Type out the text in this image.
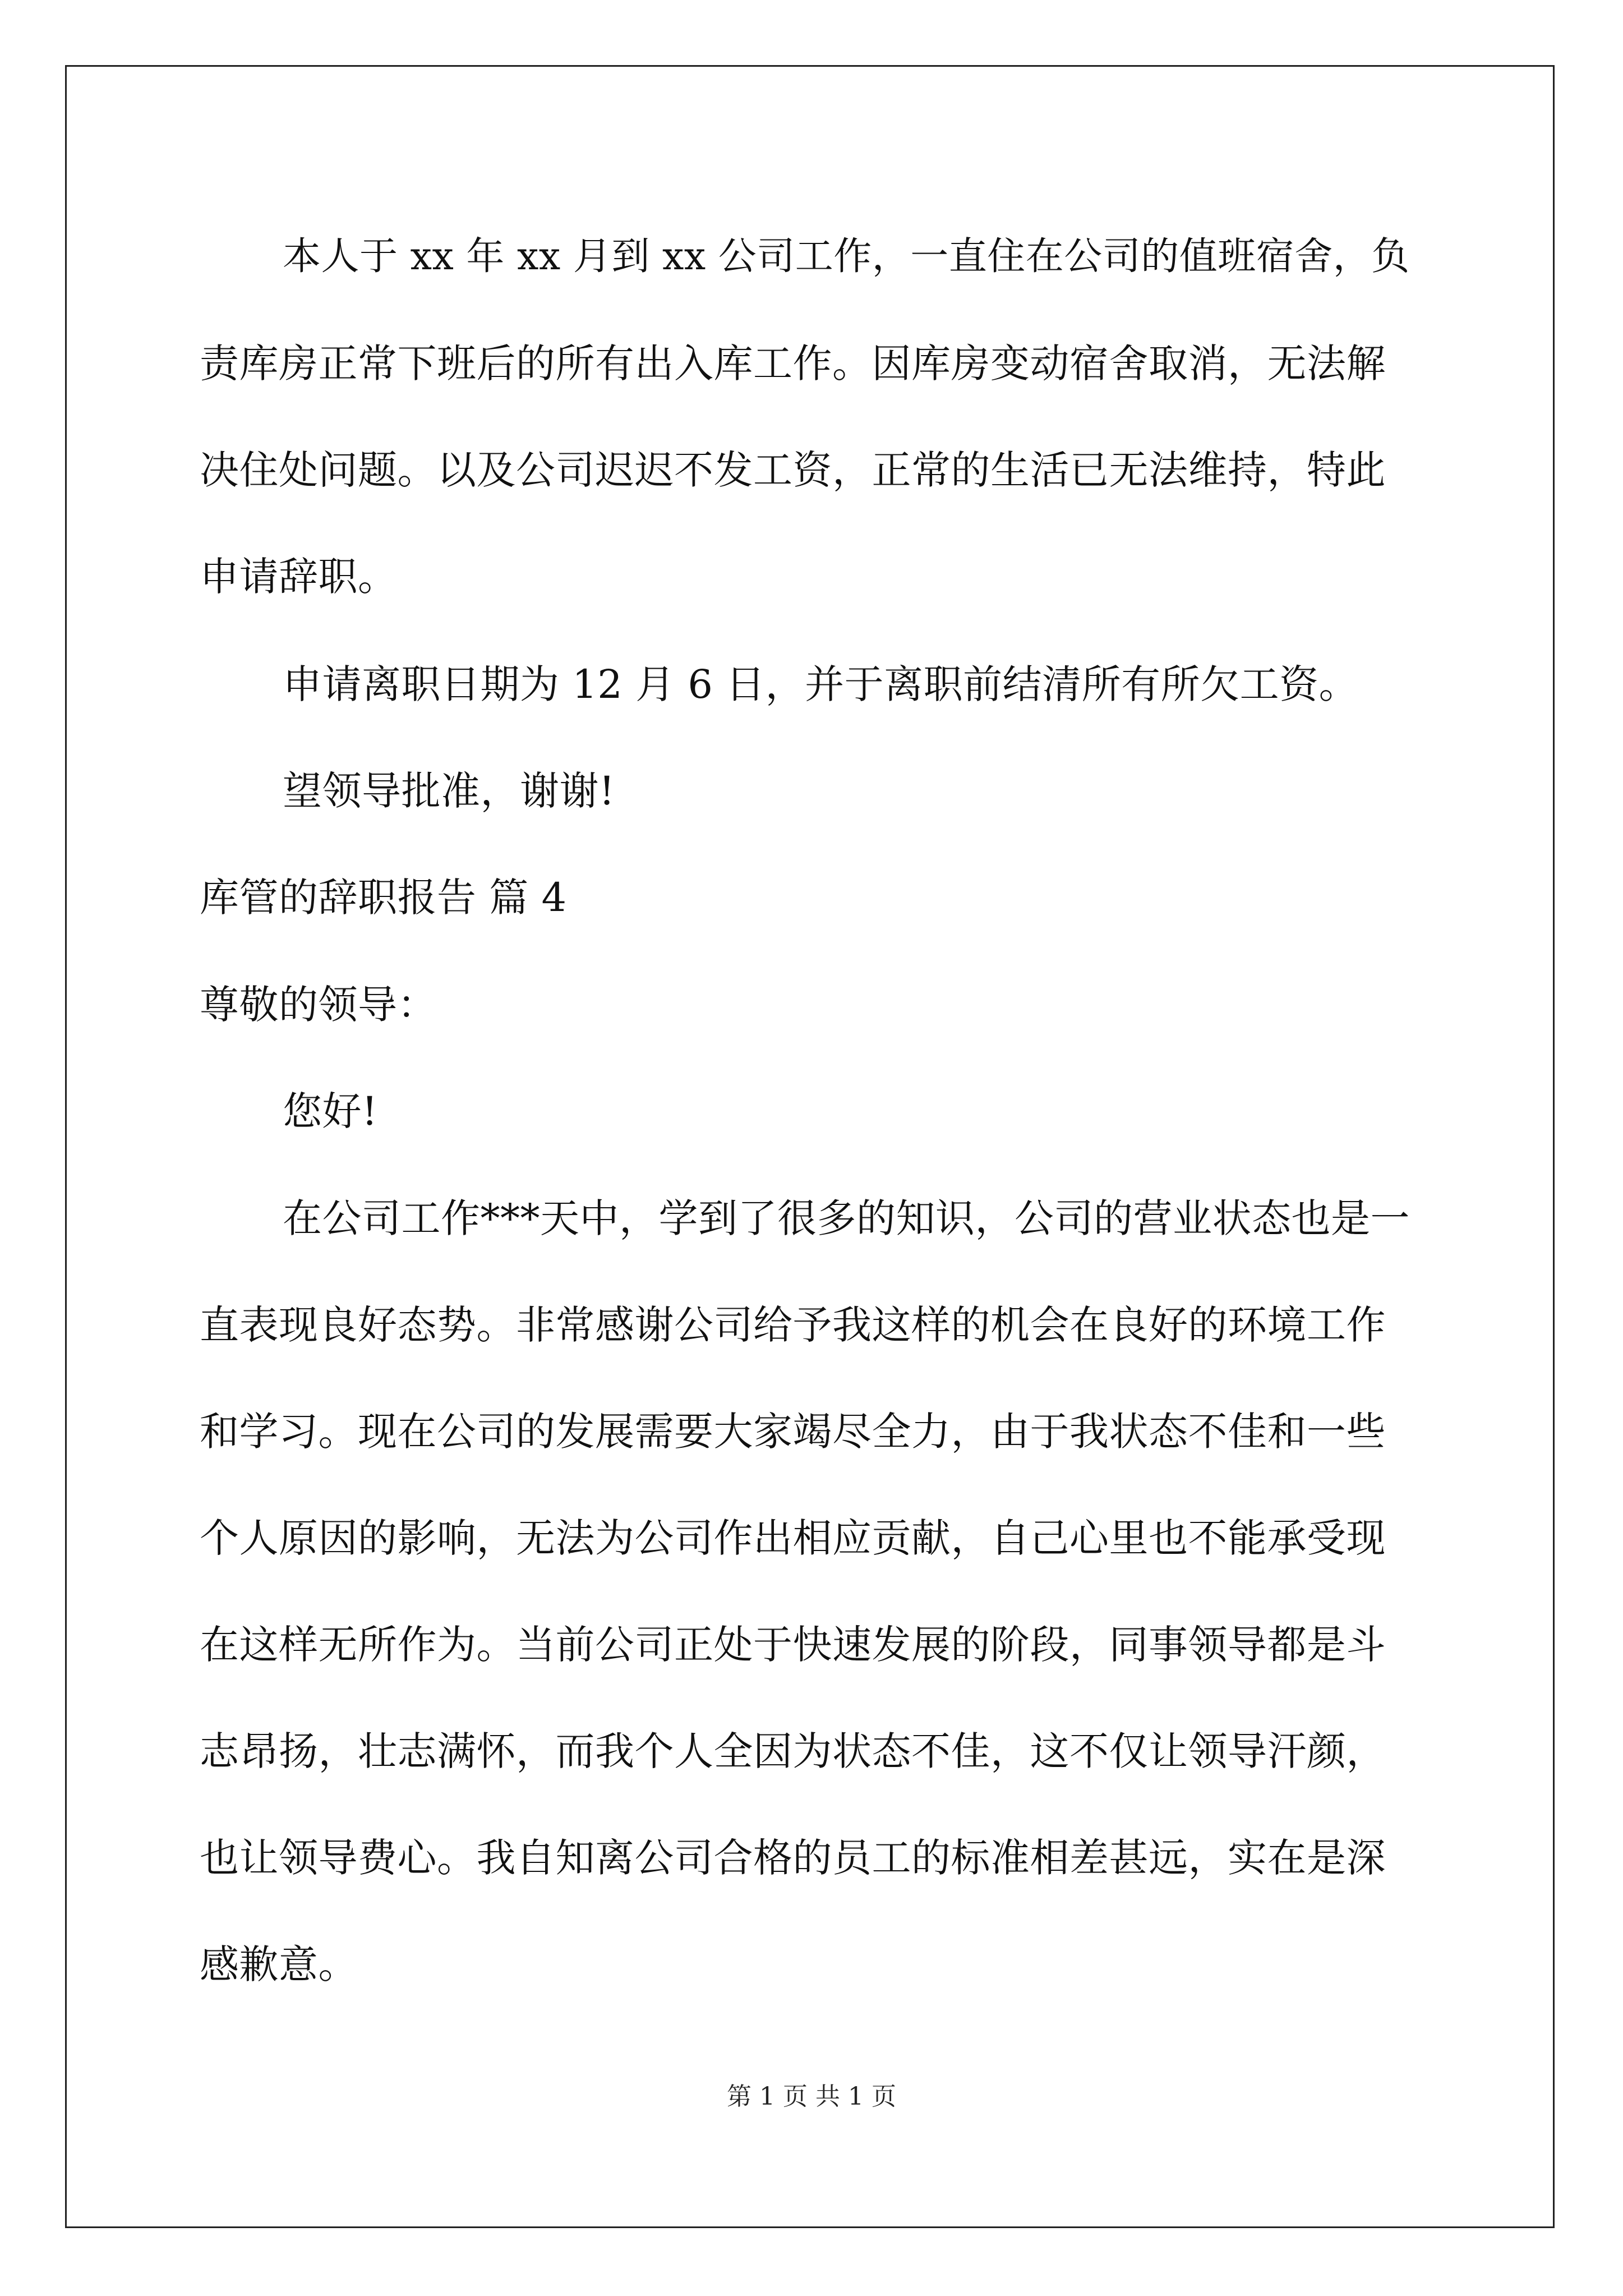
本人于 xx 年 xx 月到 xx 公司工作，一直住在公司的值班宿舍，负
责库房正常下班后的所有出入库工作。因库房变动宿舍取消，无法解
决住处问题。以及公司迟迟不发工资，正常的生活已无法维持，特此
申请辞职。
申请离职日期为 12 月 6 日，并于离职前结清所有所欠工资。
望领导批准，谢谢!
库管的辞职报告 篇 4
尊敬的领导：
您好!
在公司工作***天中，学到了很多的知识，公司的营业状态也是一
直表现良好态势。非常感谢公司给予我这样的机会在良好的环境工作
和学习。现在公司的发展需要大家竭尽全力，由于我状态不佳和一些
个人原因的影响，无法为公司作出相应贡献，自己心里也不能承受现
在这样无所作为。当前公司正处于快速发展的阶段，同事领导都是斗
志昂扬，壮志满怀，而我个人全因为状态不佳，这不仅让领导汗颜，
也让领导费心。我自知离公司合格的员工的标准相差甚远，实在是深
感歉意。
第 1 页 共 1 页
